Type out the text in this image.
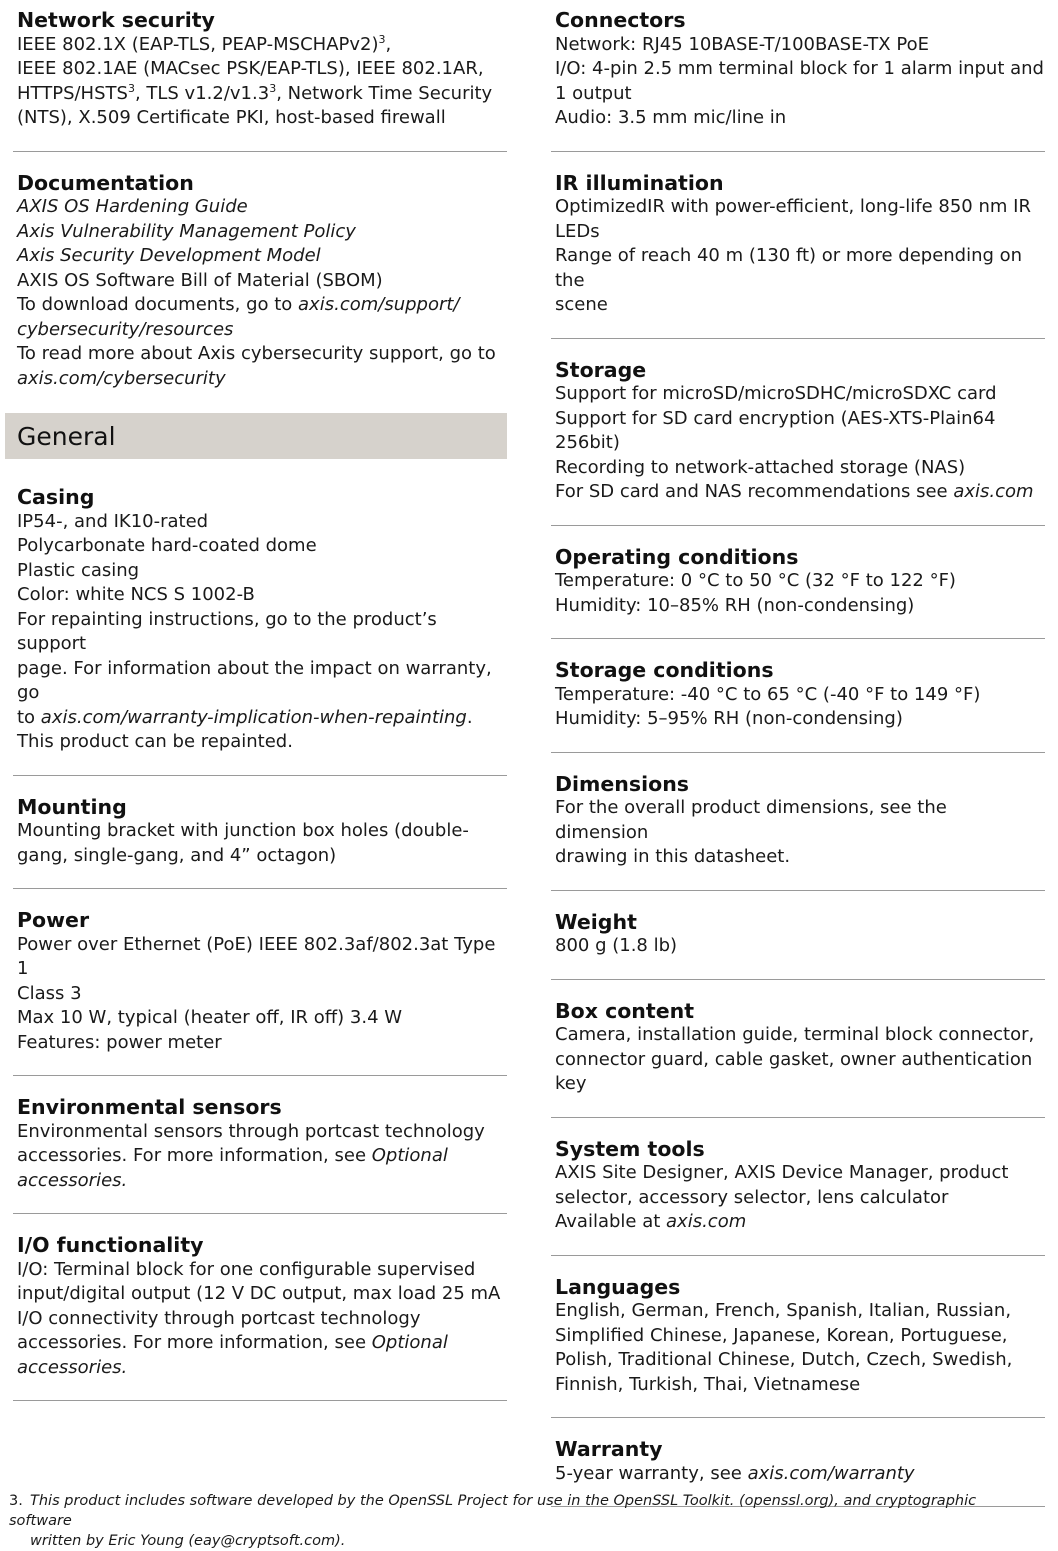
Network security
IEEE 802.1X (EAP-TLS, PEAP-MSCHAPv2)$^3$,
IEEE 802.1AE (MACsec PSK/EAP-TLS), IEEE 802.1AR,
HTTPS/HSTS$^3$, TLS $v1.2/v1.3^3$, Network Time Security
(NTS), X.509 Certificate PKI, host-based firewall
Documentation
AXIS OS Hardening Guide
Axis Vulnerability Management Policy
Axis Security Development Model
AXIS OS Software Bill of Material (SBOM)
To download documents, go to axis.com/support/
cybersecurity/resources
To read more about Axis cybersecurity support, go to
axis.com/cybersecurity
General
Casing
IP54-, and IK10-rated
Polycarbonate hard-coated dome
Plastic casing
Color: white NCS S 1002-B
For repainting instructions, go to the product’s support
page. For information about the impact on warranty, go
to axis.com/warranty-implication-when-repainting.
This product can be repainted.
Mounting
Mounting bracket with junction box holes (double-
gang, single-gang, and 4” octagon)
Power
Power over Ethernet (PoE) IEEE 802.3af/802.3at Type 1
Class 3
Max 10 W, typical (heater off, IR off) 3.4 W
Features: power meter
Environmental sensors
Environmental sensors through portcast technology
accessories. For more information, see Optional
accessories.
I/O functionality
I/O: Terminal block for one configurable supervised
input/digital output (12 V DC output, max load 25 mA
I/O connectivity through portcast technology
accessories. For more information, see Optional
accessories.
Connectors
Network: RJ45 10BASE-T/100BASE-TX PoE
I/O: 4-pin 2.5 mm terminal block for 1 alarm input and
1 output
Audio: 3.5 mm mic/line in
IR illumination
OptimizedIR with power-efficient, long-life 850 nm IR
LEDs
Range of reach 40 m (130 ft) or more depending on the
scene
Storage
Support for microSD/microSDHC/microSDXC card
Support for SD card encryption (AES-XTS-Plain64
256bit)
Recording to network-attached storage (NAS)
For SD card and NAS recommendations see axis.com
Operating conditions
Temperature: 0 °C to 50 °C (32 °F to 122 °F)
Humidity: 10–85% RH (non-condensing)
Storage conditions
Temperature: -40 °C to 65 °C (-40 °F to 149 °F)
Humidity: 5–95% RH (non-condensing)
Dimensions
For the overall product dimensions, see the dimension
drawing in this datasheet.
Weight
800 g (1.8 lb)
Box content
Camera, installation guide, terminal block connector,
connector guard, cable gasket, owner authentication
key
System tools
AXIS Site Designer, AXIS Device Manager, product
selector, accessory selector, lens calculator
Available at axis.com
Languages
English, German, French, Spanish, Italian, Russian,
Simplified Chinese, Japanese, Korean, Portuguese,
Polish, Traditional Chinese, Dutch, Czech, Swedish,
Finnish, Turkish, Thai, Vietnamese
Warranty
5-year warranty, see axis.com/warranty
3. This product includes software developed by the OpenSSL Project for use in the OpenSSL Toolkit. (openssl.org), and cryptographic software
written by Eric Young (eay@cryptsoft.com).
